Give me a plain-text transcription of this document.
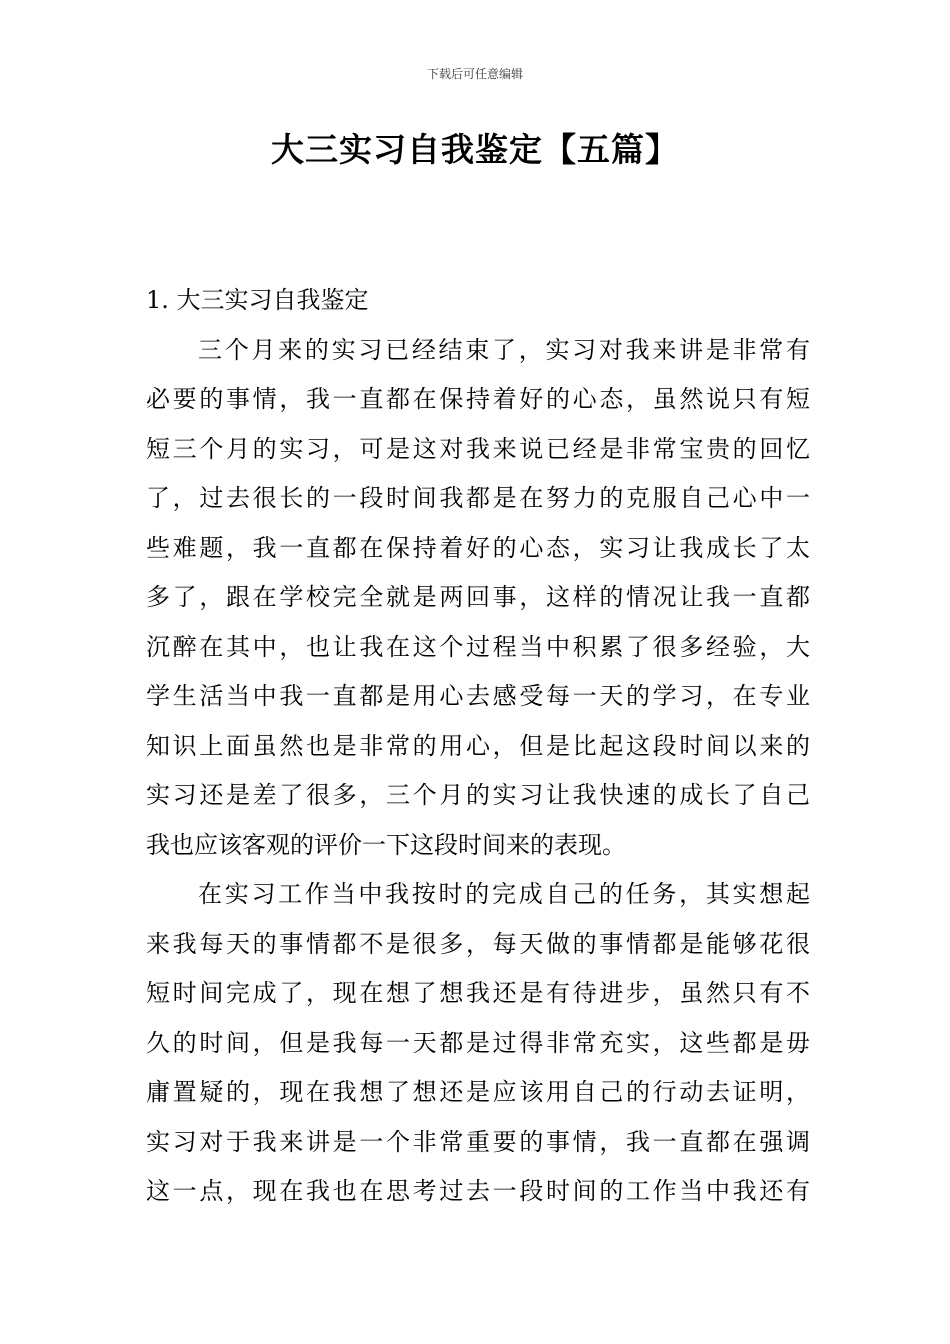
下载后可任意编辑
大三实习自我鉴定【五篇】

1. 大三实习自我鉴定

三个月来的实习已经结束了，实习对我来讲是非常有
必要的事情，我一直都在保持着好的心态，虽然说只有短
短三个月的实习，可是这对我来说已经是非常宝贵的回忆
了，过去很长的一段时间我都是在努力的克服自己心中一
些难题，我一直都在保持着好的心态，实习让我成长了太
多了，跟在学校完全就是两回事，这样的情况让我一直都
沉醉在其中，也让我在这个过程当中积累了很多经验，大
学生活当中我一直都是用心去感受每一天的学习，在专业
知识上面虽然也是非常的用心，但是比起这段时间以来的
实习还是差了很多，三个月的实习让我快速的成长了自己
我也应该客观的评价一下这段时间来的表现。

在实习工作当中我按时的完成自己的任务，其实想起
来我每天的事情都不是很多，每天做的事情都是能够花很
短时间完成了，现在想了想我还是有待进步，虽然只有不
久的时间，但是我每一天都是过得非常充实，这些都是毋
庸置疑的，现在我想了想还是应该用自己的行动去证明，
实习对于我来讲是一个非常重要的事情，我一直都在强调
这一点，现在我也在思考过去一段时间的工作当中我还有
